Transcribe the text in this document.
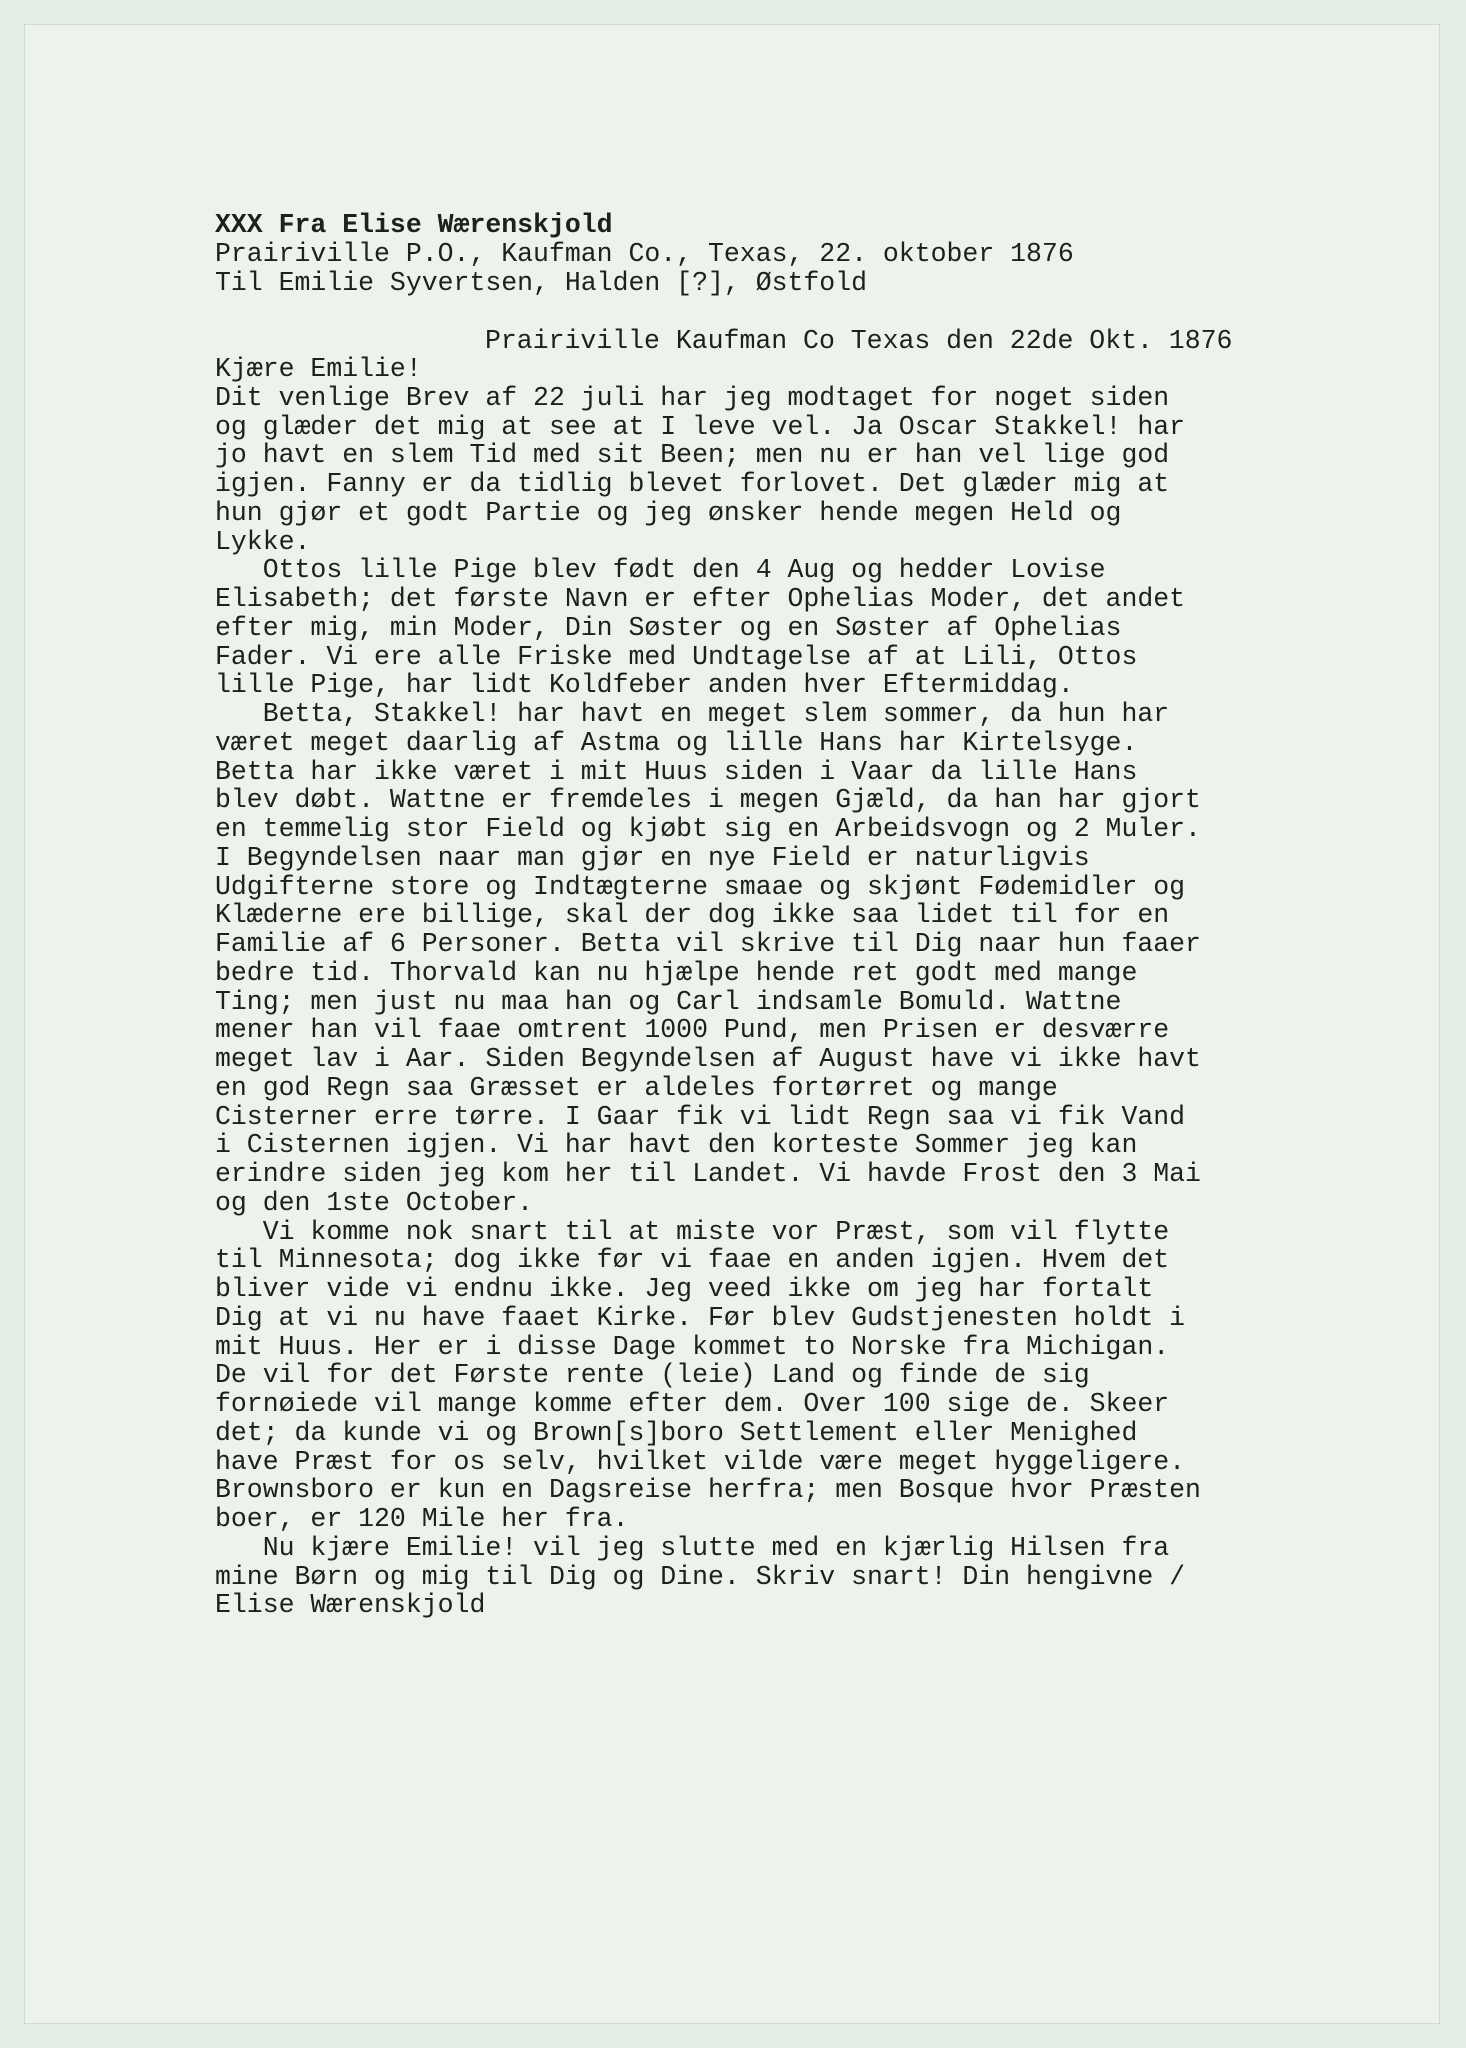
XXX Fra Elise Wærenskjold
Prairiville P.O., Kaufman Co., Texas, 22. oktober 1876
Til Emilie Syvertsen, Halden [?], Østfold
Prairiville Kaufman Co Texas den 22de Okt. 1876
Kjære Emilie!
Dit venlige Brev af 22 juli har jeg modtaget for noget siden
og glæder det mig at see at I leve vel. Ja Oscar Stakkel! har
jo havt en slem Tid med sit Been; men nu er han vel lige god
igjen. Fanny er da tidlig blevet forlovet. Det glæder mig at
hun gjør et godt Partie og jeg ønsker hende megen Held og
Lykke.
Ottos lille Pige blev født den 4 Aug og hedder Lovise
Elisabeth; det første Navn er efter Ophelias Moder, det andet
efter mig, min Moder, Din Søster og en Søster af Ophelias
Fader. Vi ere alle Friske med Undtagelse af at Lili, Ottos
lille Pige, har lidt Koldfeber anden hver Eftermiddag.
Betta, Stakkel! har havt en meget slem sommer, da hun har
været meget daarlig af Astma og lille Hans har Kirtelsyge.
Betta har ikke været i mit Huus siden i Vaar da lille Hans
blev døbt. Wattne er fremdeles i megen Gjæld, da han har gjort
en temmelig stor Field og kjøbt sig en Arbeidsvogn og 2 Muler.
I Begyndelsen naar man gjør en nye Field er naturligvis
Udgifterne store og Indtægterne smaae og skjønt Fødemidler og
Klæderne ere billige, skal der dog ikke saa lidet til for en
Familie af 6 Personer. Betta vil skrive til Dig naar hun faaer
bedre tid. Thorvald kan nu hjælpe hende ret godt med mange
Ting; men just nu maa han og Carl indsamle Bomuld. Wattne
mener han vil faae omtrent 1000 Pund, men Prisen er desværre
meget lav i Aar. Siden Begyndelsen af August have vi ikke havt
en god Regn saa Græsset er aldeles fortørret og mange
Cisterner erre tørre. I Gaar fik vi lidt Regn saa vi fik Vand
i Cisternen igjen. Vi har havt den korteste Sommer jeg kan
erindre siden jeg kom her til Landet. Vi havde Frost den 3 Mai
og den 1ste October.
Vi komme nok snart til at miste vor Præst, som vil flytte
til Minnesota; dog ikke før vi faae en anden igjen. Hvem det
bliver vide vi endnu ikke. Jeg veed ikke om jeg har fortalt
Dig at vi nu have faaet Kirke. Før blev Gudstjenesten holdt i
mit Huus. Her er i disse Dage kommet to Norske fra Michigan.
De vil for det Første rente (leie) Land og finde de sig
fornøiede vil mange komme efter dem. Over 100 sige de. Skeer
det; da kunde vi og Brown[s]boro Settlement eller Menighed
have Præst for os selv, hvilket vilde være meget hyggeligere.
Brownsboro er kun en Dagsreise herfra; men Bosque hvor Præsten
boer, er 120 Mile her fra.
Nu kjære Emilie! vil jeg slutte med en kjærlig Hilsen fra
mine Børn og mig til Dig og Dine. Skriv snart! Din hengivne /
Elise Wærenskjold
